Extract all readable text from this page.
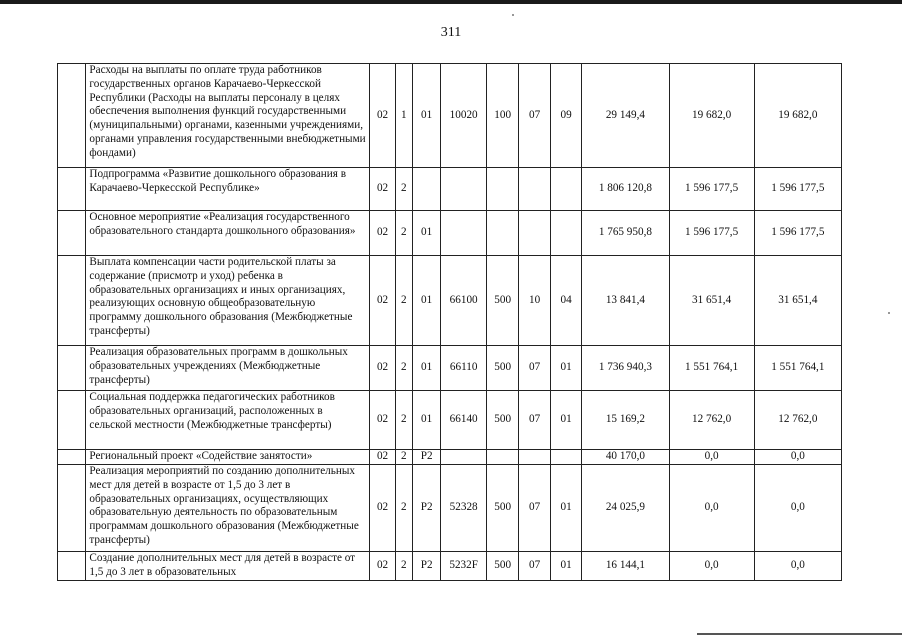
311
	Расходы на выплаты по оплате труда работников государственных органов Карачаево-Черкесской Республики (Расходы на выплаты персоналу в целях обеспечения выполнения функций государственными (муниципальными) органами, казенными учреждениями, органами управления государственными внебюджетными фондами)	02	1	01	10020	100	07	09	29 149,4	19 682,0	19 682,0
	Подпрограмма «Развитие дошкольного образования в Карачаево-Черкесской Республике»	02	2						1 806 120,8	1 596 177,5	1 596 177,5
	Основное мероприятие «Реализация государственного образовательного стандарта дошкольного образования»	02	2	01					1 765 950,8	1 596 177,5	1 596 177,5
	Выплата компенсации части родительской платы за содержание (присмотр и уход) ребенка в образовательных организациях и иных организациях, реализующих основную общеобразовательную программу дошкольного образования (Межбюджетные трансферты)	02	2	01	66100	500	10	04	13 841,4	31 651,4	31 651,4
	Реализация образовательных программ в дошкольных образовательных учреждениях (Межбюджетные трансферты)	02	2	01	66110	500	07	01	1 736 940,3	1 551 764,1	1 551 764,1
	Социальная поддержка педагогических работников образовательных организаций, расположенных в сельской местности (Межбюджетные трансферты)	02	2	01	66140	500	07	01	15 169,2	12 762,0	12 762,0
	Региональный проект «Содействие занятости»	02	2	P2					40 170,0	0,0	0,0
	Реализация мероприятий по созданию дополнительных мест для детей в возрасте от 1,5 до 3 лет в образовательных организациях, осуществляющих образовательную деятельность по образовательным программам дошкольного образования (Межбюджетные трансферты)	02	2	P2	52328	500	07	01	24 025,9	0,0	0,0
	Создание дополнительных мест для детей в возрасте от 1,5 до 3 лет в образовательных	02	2	P2	5232F	500	07	01	16 144,1	0,0	0,0
